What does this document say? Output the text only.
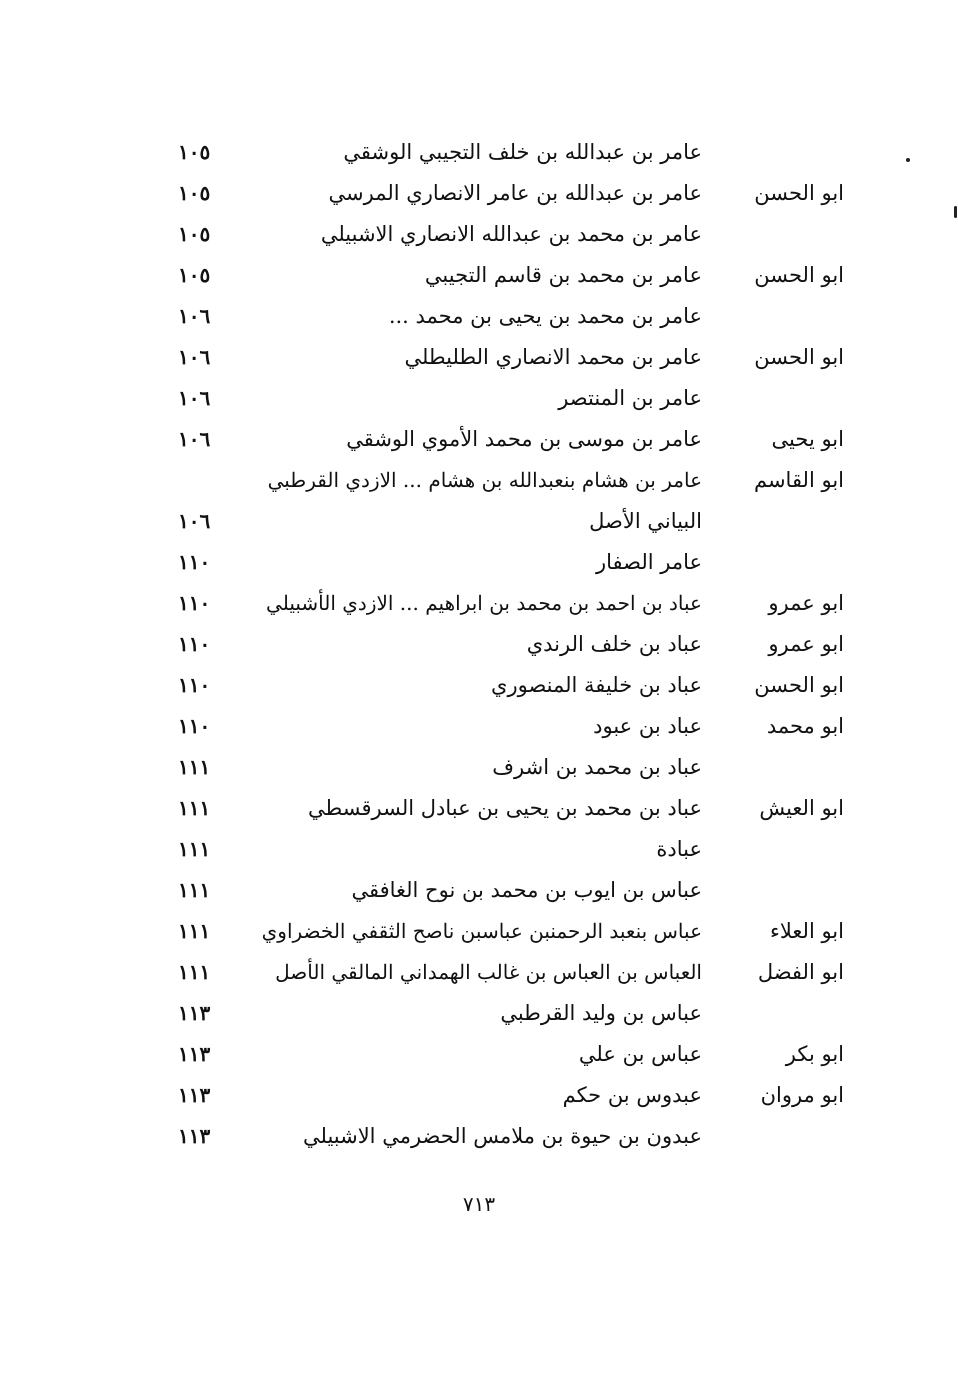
عامر بن عبدالله بن خلف التجيبي الوشقي
١٠٥
ابو الحسن
عامر بن عبدالله بن عامر الانصاري المرسي
١٠٥
عامر بن محمد بن عبدالله الانصاري الاشبيلي
١٠٥
ابو الحسن
عامر بن محمد بن قاسم التجيبي
١٠٥
عامر بن محمد بن يحيى بن محمد ...
١٠٦
ابو الحسن
عامر بن محمد الانصاري الطليطلي
١٠٦
عامر بن المنتصر
١٠٦
ابو يحيى
عامر بن موسى بن محمد الأموي الوشقي
١٠٦
ابو القاسم
عامر بن هشام بنعبدالله بن هشام ... الازدي القرطبي
البياني الأصل
١٠٦
عامر الصفار
١١٠
ابو عمرو
عباد بن احمد بن محمد بن ابراهيم ... الازدي الأشبيلي
١١٠
ابو عمرو
عباد بن خلف الرندي
١١٠
ابو الحسن
عباد بن خليفة المنصوري
١١٠
ابو محمد
عباد بن عبود
١١٠
عباد بن محمد بن اشرف
١١١
ابو العيش
عباد بن محمد بن يحيى بن عبادل السرقسطي
١١١
عبادة
١١١
عباس بن ايوب بن محمد بن نوح الغافقي
١١١
ابو العلاء
عباس بنعبد الرحمنبن عباسبن ناصح الثقفي الخضراوي
١١١
ابو الفضل
العباس بن العباس بن غالب الهمداني المالقي الأصل
١١١
عباس بن وليد القرطبي
١١٣
ابو بكر
عباس بن علي
١١٣
ابو مروان
عبدوس بن حكم
١١٣
عبدون بن حيوة بن ملامس الحضرمي الاشبيلي
١١٣
٧١٣
